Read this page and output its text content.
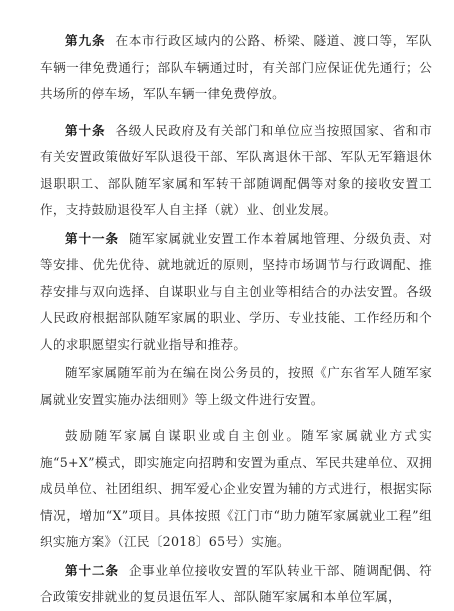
第九条 在本市行政区域内的公路、桥梁、隧道、渡口等，军队车辆一律免费通行；部队车辆通过时，有关部门应保证优先通行；公共场所的停车场，军队车辆一律免费停放。

第十条 各级人民政府及有关部门和单位应当按照国家、省和市有关安置政策做好军队退役干部、军队离退休干部、军队无军籍退休退职职工、部队随军家属和军转干部随调配偶等对象的接收安置工作，支持鼓励退役军人自主择（就）业、创业发展。

第十一条 随军家属就业安置工作本着属地管理、分级负责、对等安排、优先优待、就地就近的原则，坚持市场调节与行政调配、推荐安排与双向选择、自谋职业与自主创业等相结合的办法安置。各级人民政府根据部队随军家属的职业、学历、专业技能、工作经历和个人的求职愿望实行就业指导和推荐。

随军家属随军前为在编在岗公务员的，按照《广东省军人随军家属就业安置实施办法细则》等上级文件进行安置。

鼓励随军家属自谋职业或自主创业。随军家属就业方式实施“5+X”模式，即实施定向招聘和安置为重点、军民共建单位、双拥成员单位、社团组织、拥军爱心企业安置为辅的方式进行，根据实际情况，增加“X”项目。具体按照《江门市“助力随军家属就业工程”组织实施方案》（江民〔2018〕65号）实施。

第十二条 企事业单位接收安置的军队转业干部、随调配偶、符合政策安排就业的复员退伍军人、部队随军家属和本单位军属，
